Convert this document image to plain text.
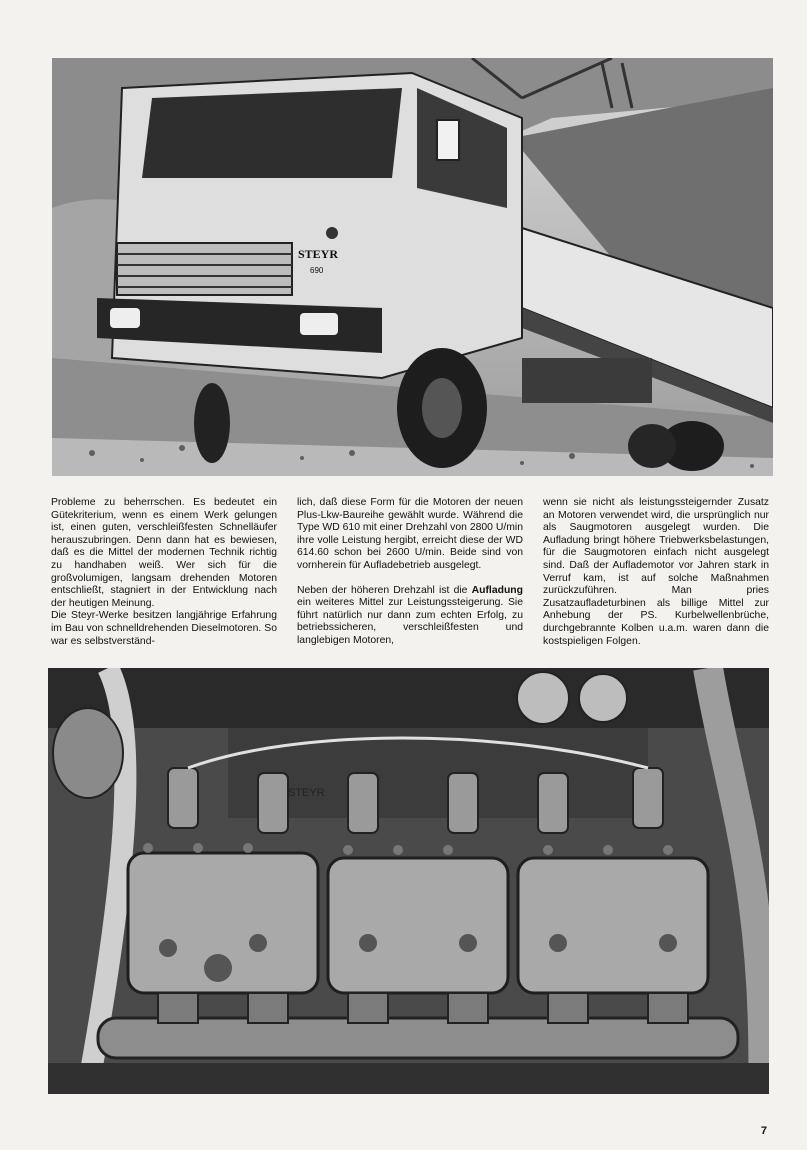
STEYR
690

Probleme zu beherrschen. Es bedeutet ein Gütekriterium, wenn es einem Werk gelungen ist, einen guten, verschleißfesten Schnelläufer herauszubringen. Denn dann hat es bewiesen, daß es die Mittel der modernen Technik richtig zu handhaben weiß. Wer sich für die großvolumigen, langsam drehenden Motoren entschließt, stagniert in der Entwicklung nach der heutigen Meinung.

Die Steyr-Werke besitzen langjährige Erfahrung im Bau von schnelldrehenden Dieselmotoren. So war es selbstverständ-

lich, daß diese Form für die Motoren der neuen Plus-Lkw-Baureihe gewählt wurde. Während die Type WD 610 mit einer Drehzahl von 2800 U/min ihre volle Leistung hergibt, erreicht diese der WD 614.60 schon bei 2600 U/min. Beide sind von vornherein für Aufladebetrieb ausgelegt.

Neben der höheren Drehzahl ist die Aufladung ein weiteres Mittel zur Leistungssteigerung. Sie führt natürlich nur dann zum echten Erfolg, zu betriebssicheren, verschleißfesten und langlebigen Motoren,

wenn sie nicht als leistungssteigernder Zusatz an Motoren verwendet wird, die ursprünglich nur als Saugmotoren ausgelegt wurden. Die Aufladung bringt höhere Triebwerksbelastungen, für die Saugmotoren einfach nicht ausgelegt sind. Daß der Auflademotor vor Jahren stark in Verruf kam, ist auf solche Maßnahmen zurückzuführen. Man pries Zusatzaufladeturbinen als billige Mittel zur Anhebung der PS. Kurbelwellenbrüche, durchgebrannte Kolben u.a.m. waren dann die kostspieligen Folgen.

STEYR
7
